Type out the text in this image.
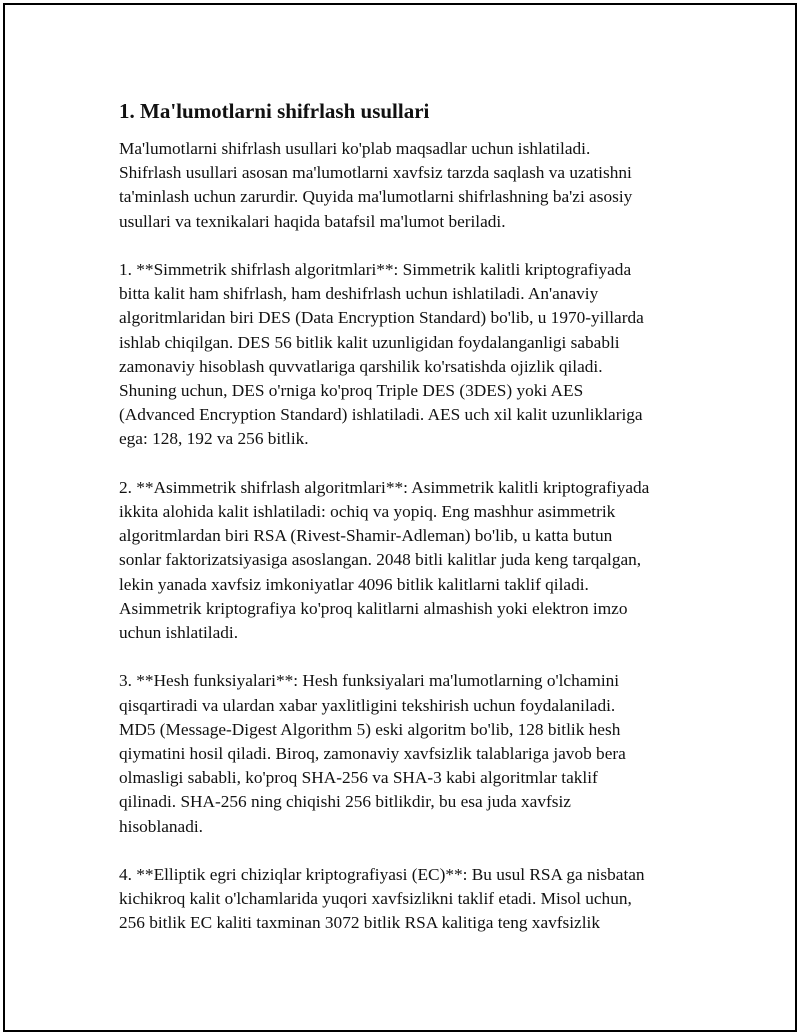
1. Ma'lumotlarni shifrlash usullari
Ma'lumotlarni shifrlash usullari ko'plab maqsadlar uchun ishlatiladi.
Shifrlash usullari asosan ma'lumotlarni xavfsiz tarzda saqlash va uzatishni
ta'minlash uchun zarurdir. Quyida ma'lumotlarni shifrlashning ba'zi asosiy
usullari va texnikalari haqida batafsil ma'lumot beriladi.
1. **Simmetrik shifrlash algoritmlari**: Simmetrik kalitli kriptografiyada
bitta kalit ham shifrlash, ham deshifrlash uchun ishlatiladi. An'anaviy
algoritmlaridan biri DES (Data Encryption Standard) bo'lib, u 1970-yillarda
ishlab chiqilgan. DES 56 bitlik kalit uzunligidan foydalanganligi sababli
zamonaviy hisoblash quvvatlariga qarshilik ko'rsatishda ojizlik qiladi.
Shuning uchun, DES o'rniga ko'proq Triple DES (3DES) yoki AES
(Advanced Encryption Standard) ishlatiladi. AES uch xil kalit uzunliklariga
ega: 128, 192 va 256 bitlik.
2. **Asimmetrik shifrlash algoritmlari**: Asimmetrik kalitli kriptografiyada
ikkita alohida kalit ishlatiladi: ochiq va yopiq. Eng mashhur asimmetrik
algoritmlardan biri RSA (Rivest-Shamir-Adleman) bo'lib, u katta butun
sonlar faktorizatsiyasiga asoslangan. 2048 bitli kalitlar juda keng tarqalgan,
lekin yanada xavfsiz imkoniyatlar 4096 bitlik kalitlarni taklif qiladi.
Asimmetrik kriptografiya ko'proq kalitlarni almashish yoki elektron imzo
uchun ishlatiladi.
3. **Hesh funksiyalari**: Hesh funksiyalari ma'lumotlarning o'lchamini
qisqartiradi va ulardan xabar yaxlitligini tekshirish uchun foydalaniladi.
MD5 (Message-Digest Algorithm 5) eski algoritm bo'lib, 128 bitlik hesh
qiymatini hosil qiladi. Biroq, zamonaviy xavfsizlik talablariga javob bera
olmasligi sababli, ko'proq SHA-256 va SHA-3 kabi algoritmlar taklif
qilinadi. SHA-256 ning chiqishi 256 bitlikdir, bu esa juda xavfsiz
hisoblanadi.
4. **Elliptik egri chiziqlar kriptografiyasi (EC)**: Bu usul RSA ga nisbatan
kichikroq kalit o'lchamlarida yuqori xavfsizlikni taklif etadi. Misol uchun,
256 bitlik EC kaliti taxminan 3072 bitlik RSA kalitiga teng xavfsizlik
